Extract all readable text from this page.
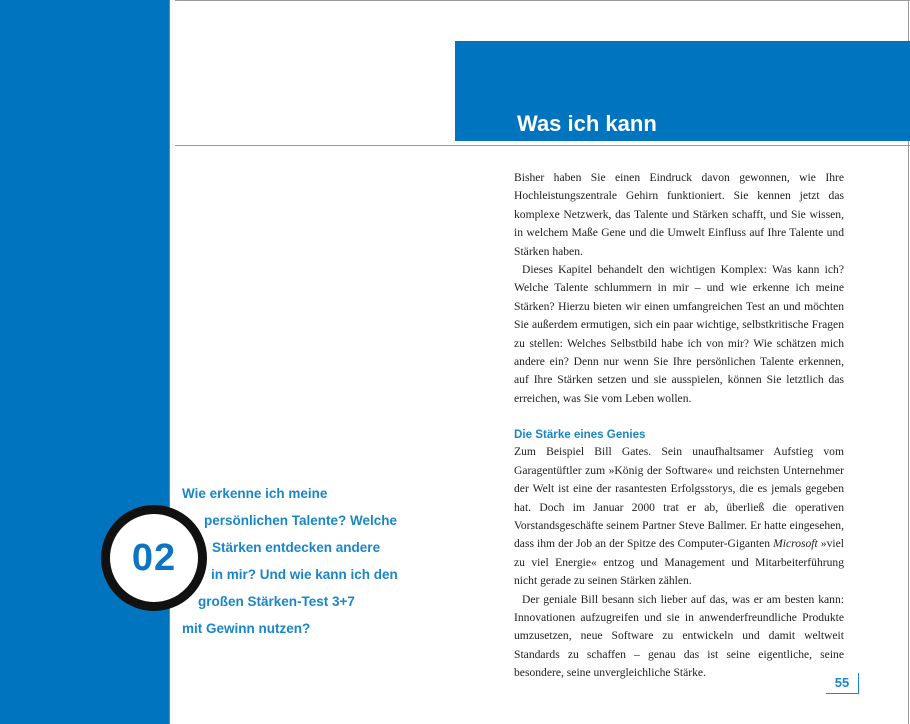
Was ich kann

Bisher haben Sie einen Eindruck davon gewonnen, wie Ihre Hochleistungszentrale Gehirn funktioniert. Sie kennen jetzt das komplexe Netzwerk, das Talente und Stärken schafft, und Sie wissen, in welchem Maße Gene und die Umwelt Einfluss auf Ihre Talente und Stärken haben.

Dieses Kapitel behandelt den wichtigen Komplex: Was kann ich? Welche Talente schlummern in mir – und wie erkenne ich meine Stärken? Hierzu bieten wir einen umfangreichen Test an und möchten Sie außerdem ermutigen, sich ein paar wichtige, selbstkritische Fragen zu stellen: Welches Selbstbild habe ich von mir? Wie schätzen mich andere ein? Denn nur wenn Sie Ihre persönlichen Talente erkennen, auf Ihre Stärken setzen und sie ausspielen, können Sie letztlich das erreichen, was Sie vom Leben wollen.

Die Stärke eines Genies

Zum Beispiel Bill Gates. Sein unaufhaltsamer Aufstieg vom Garagentüftler zum »König der Software« und reichsten Unternehmer der Welt ist eine der rasantesten Erfolgsstorys, die es jemals gegeben hat. Doch im Januar 2000 trat er ab, überließ die operativen Vorstandsgeschäfte seinem Partner Steve Ballmer. Er hatte eingesehen, dass ihm der Job an der Spitze des Computer-Giganten Microsoft »viel zu viel Energie« entzog und Management und Mitarbeiterführung nicht gerade zu seinen Stärken zählen.

Der geniale Bill besann sich lieber auf das, was er am besten kann: Innovationen aufzugreifen und sie in anwenderfreundliche Produkte umzusetzen, neue Software zu entwickeln und damit weltweit Standards zu schaffen – genau das ist seine eigentliche, seine besondere, seine unvergleichliche Stärke.

02
Wie erkenne ich meine
persönlichen Talente? Welche
Stärken entdecken andere
in mir? Und wie kann ich den
großen Stärken-Test 3+7
mit Gewinn nutzen?
55
